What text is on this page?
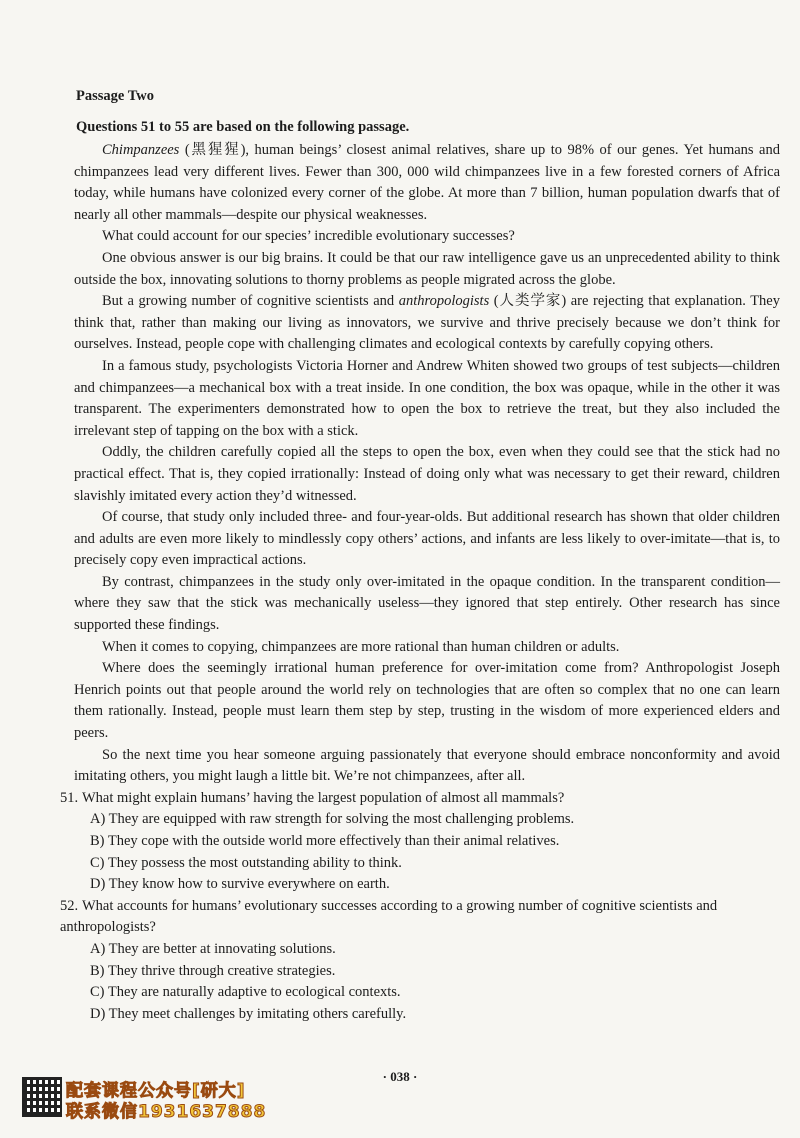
Passage Two
Questions 51 to 55 are based on the following passage.

Chimpanzees (黑猩猩), human beings’ closest animal relatives, share up to 98% of our genes. Yet humans and chimpanzees lead very different lives. Fewer than 300, 000 wild chimpanzees live in a few forested corners of Africa today, while humans have colonized every corner of the globe. At more than 7 billion, human population dwarfs that of nearly all other mammals—despite our physical weaknesses.

What could account for our species’ incredible evolutionary successes?

One obvious answer is our big brains. It could be that our raw intelligence gave us an unprecedented ability to think outside the box, innovating solutions to thorny problems as people migrated across the globe.

But a growing number of cognitive scientists and anthropologists (人类学家) are rejecting that explanation. They think that, rather than making our living as innovators, we survive and thrive precisely because we don’t think for ourselves. Instead, people cope with challenging climates and ecological contexts by carefully copying others.

In a famous study, psychologists Victoria Horner and Andrew Whiten showed two groups of test subjects—children and chimpanzees—a mechanical box with a treat inside. In one condition, the box was opaque, while in the other it was transparent. The experimenters demonstrated how to open the box to retrieve the treat, but they also included the irrelevant step of tapping on the box with a stick.

Oddly, the children carefully copied all the steps to open the box, even when they could see that the stick had no practical effect. That is, they copied irrationally: Instead of doing only what was necessary to get their reward, children slavishly imitated every action they’d witnessed.

Of course, that study only included three- and four-year-olds. But additional research has shown that older children and adults are even more likely to mindlessly copy others’ actions, and infants are less likely to over-imitate—that is, to precisely copy even impractical actions.

By contrast, chimpanzees in the study only over-imitated in the opaque condition. In the transparent condition—where they saw that the stick was mechanically useless—they ignored that step entirely. Other research has since supported these findings.

When it comes to copying, chimpanzees are more rational than human children or adults.

Where does the seemingly irrational human preference for over-imitation come from? Anthropologist Joseph Henrich points out that people around the world rely on technologies that are often so complex that no one can learn them rationally. Instead, people must learn them step by step, trusting in the wisdom of more experienced elders and peers.

So the next time you hear someone arguing passionately that everyone should embrace nonconformity and avoid imitating others, you might laugh a little bit. We’re not chimpanzees, after all.

51. What might explain humans’ having the largest population of almost all mammals?

A) They are equipped with raw strength for solving the most challenging problems.

B) They cope with the outside world more effectively than their animal relatives.

C) They possess the most outstanding ability to think.

D) They know how to survive everywhere on earth.

52. What accounts for humans’ evolutionary successes according to a growing number of cognitive scientists and anthropologists?

A) They are better at innovating solutions.

B) They thrive through creative strategies.

C) They are naturally adaptive to ecological contexts.

D) They meet challenges by imitating others carefully.

· 038 ·
配套课程公众号[研大]
联系微信1931637888
